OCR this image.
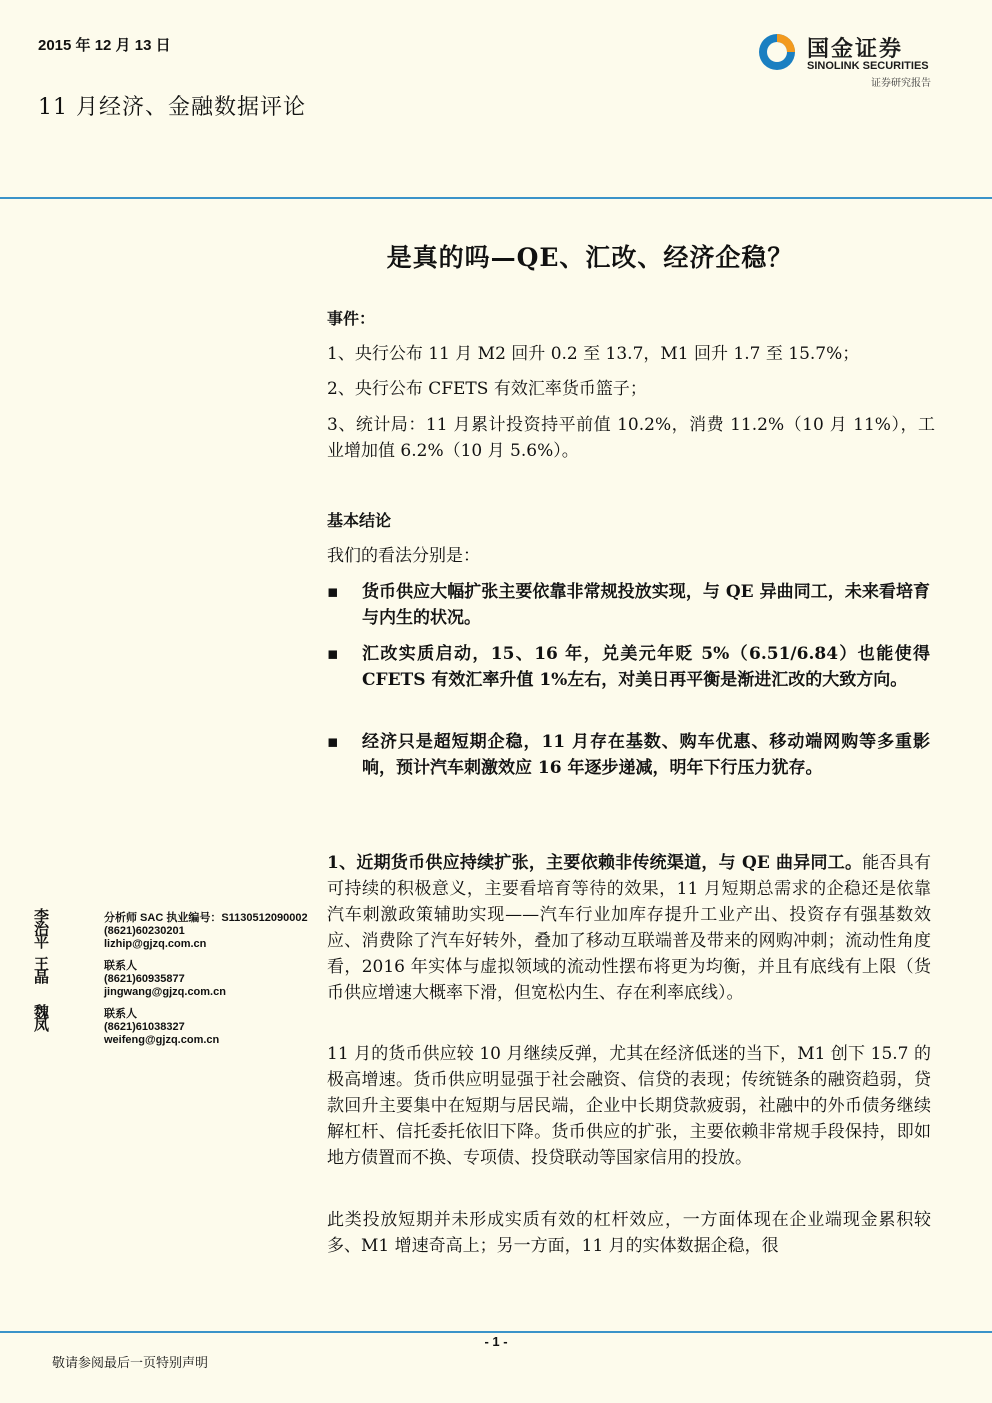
2015 年 12 月 13 日
11 月经济、金融数据评论
国金证券
SINOLINK SECURITIES
证券研究报告
是真的吗—QE、汇改、经济企稳？
事件：
1、央行公布 11 月 M2 回升 0.2 至 13.7，M1 回升 1.7 至 15.7%；
2、央行公布 CFETS 有效汇率货币篮子；
3、统计局：11 月累计投资持平前值 10.2%，消费 11.2%（10 月 11%），工业增加值 6.2%（10 月 5.6%）。
基本结论
我们的看法分别是：
▪ 货币供应大幅扩张主要依靠非常规投放实现，与 QE 异曲同工，未来看培育与内生的状况。
▪ 汇改实质启动，15、16 年，兑美元年贬 5%（6.51/6.84）也能使得 CFETS 有效汇率升值 1%左右，对美日再平衡是渐进汇改的大致方向。
▪ 经济只是超短期企稳，11 月存在基数、购车优惠、移动端网购等多重影响，预计汽车刺激效应 16 年逐步递减，明年下行压力犹存。
1、近期货币供应持续扩张，主要依赖非传统渠道，与 QE 曲异同工。能否具有可持续的积极意义，主要看培育等待的效果，11 月短期总需求的企稳还是依靠汽车刺激政策辅助实现——汽车行业加库存提升工业产出、投资存有强基数效应、消费除了汽车好转外，叠加了移动互联端普及带来的网购冲刺；流动性角度看，2016 年实体与虚拟领域的流动性摆布将更为均衡，并且有底线有上限（货币供应增速大概率下滑，但宽松内生、存在利率底线）。
11 月的货币供应较 10 月继续反弹，尤其在经济低迷的当下，M1 创下 15.7 的极高增速。货币供应明显强于社会融资、信贷的表现；传统链条的融资趋弱，贷款回升主要集中在短期与居民端，企业中长期贷款疲弱，社融中的外币债务继续解杠杆、信托委托依旧下降。货币供应的扩张，主要依赖非常规手段保持，即如地方债置而不换、专项债、投贷联动等国家信用的投放。
此类投放短期并未形成实质有效的杠杆效应，一方面体现在企业端现金累积较多、M1 增速奇高上；另一方面，11 月的实体数据企稳，很
李治平
分析师 SAC 执业编号：S1130512090002
(8621)60230201
lizhip@gjzq.com.cn
王晶
联系人
(8621)60935877
jingwang@gjzq.com.cn
魏凤
联系人
(8621)61038327
weifeng@gjzq.com.cn
- 1 -
敬请参阅最后一页特别声明
